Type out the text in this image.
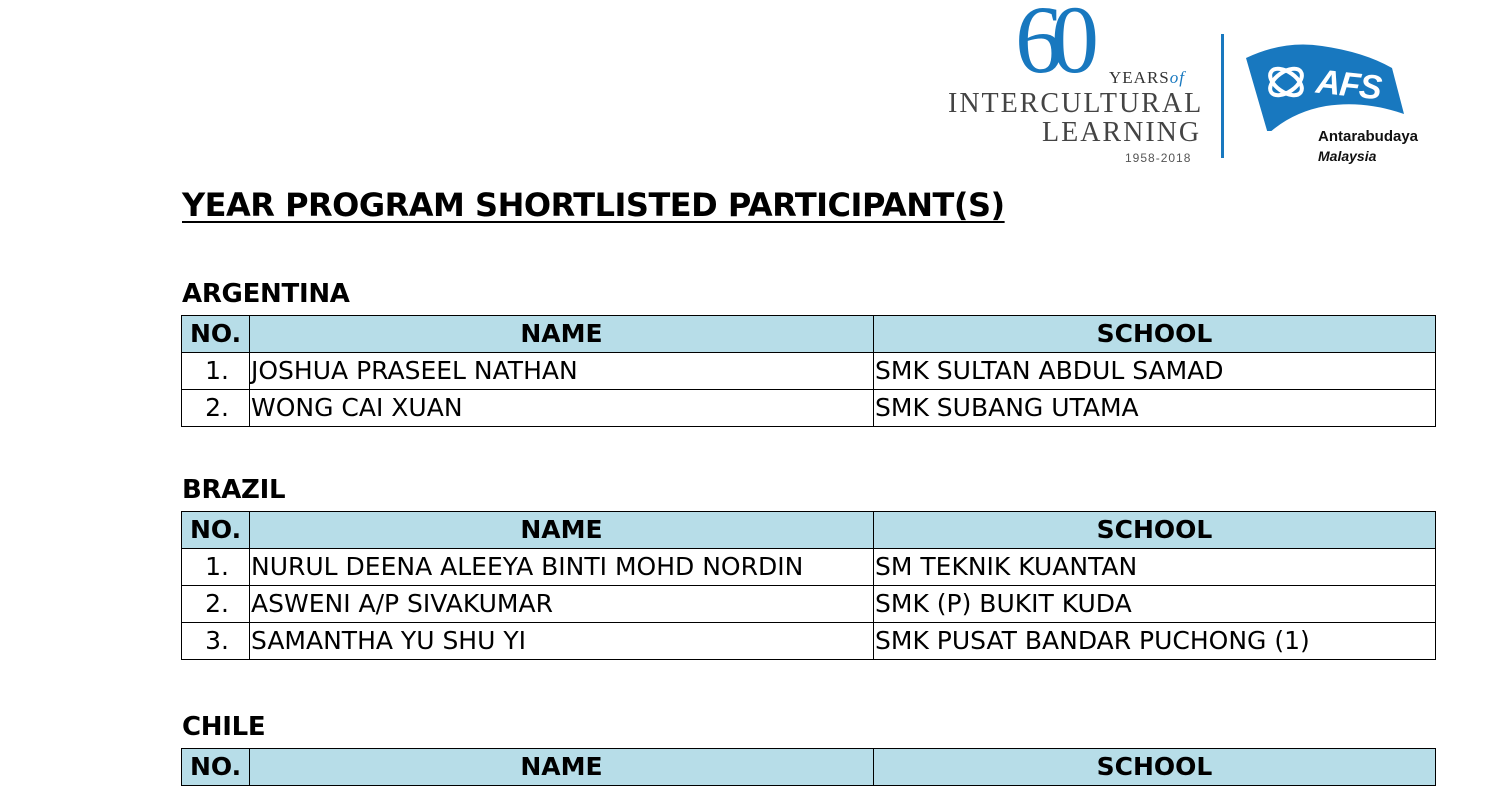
60 YEARSof
INTERCULTURAL
LEARNING
1958-2018
AFS
Antarabudaya
Malaysia
YEAR PROGRAM SHORTLISTED PARTICIPANT(S)
ARGENTINA
NO.	NAME	SCHOOL
1.	JOSHUA PRASEEL NATHAN	SMK SULTAN ABDUL SAMAD
2.	WONG CAI XUAN	SMK SUBANG UTAMA
BRAZIL
NO.	NAME	SCHOOL
1.	NURUL DEENA ALEEYA BINTI MOHD NORDIN	SM TEKNIK KUANTAN
2.	ASWENI A/P SIVAKUMAR	SMK (P) BUKIT KUDA
3.	SAMANTHA YU SHU YI	SMK PUSAT BANDAR PUCHONG (1)
CHILE
NO.	NAME	SCHOOL
